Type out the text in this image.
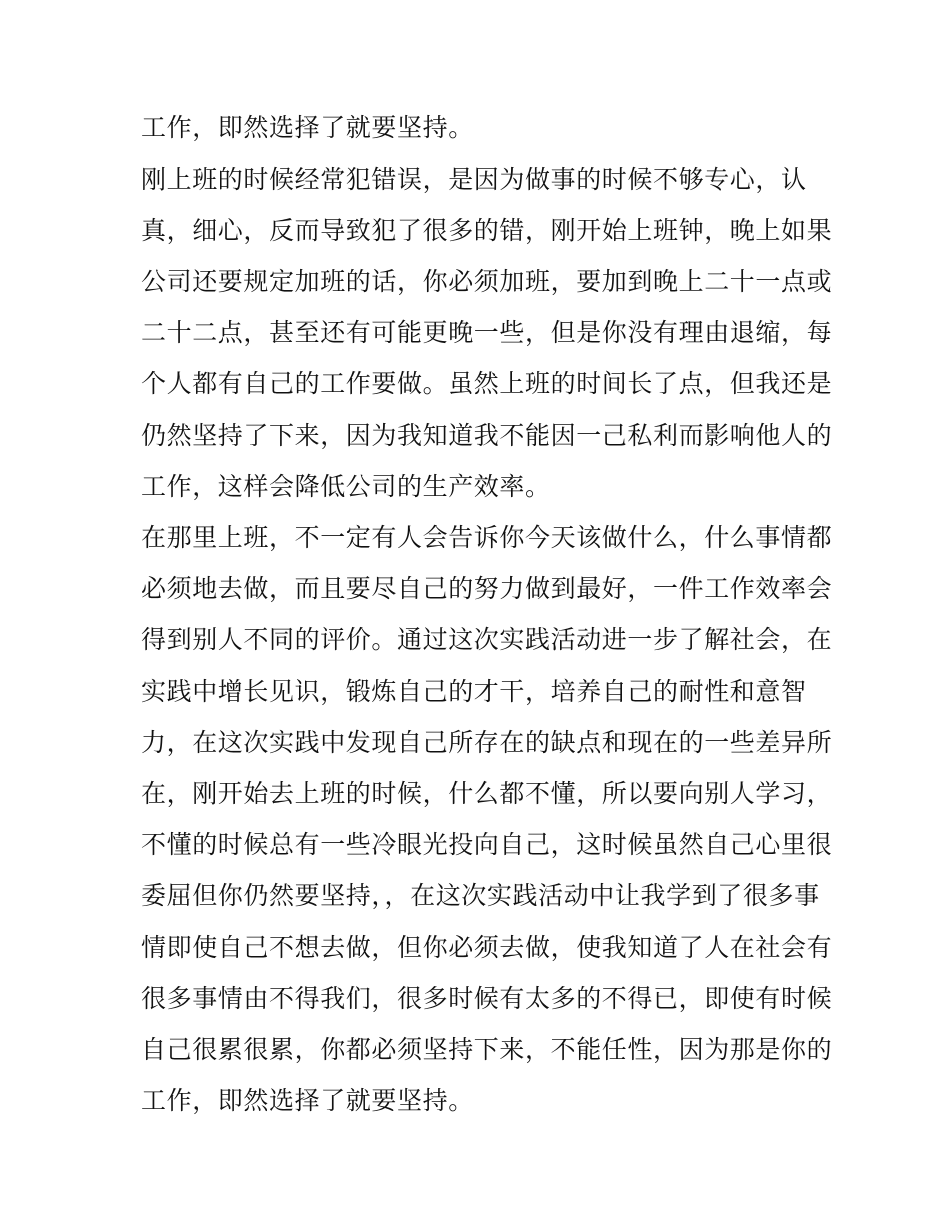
工作，即然选择了就要坚持。
刚上班的时候经常犯错误，是因为做事的时候不够专心，认
真，细心，反而导致犯了很多的错，刚开始上班钟，晚上如果
公司还要规定加班的话，你必须加班，要加到晚上二十一点或
二十二点，甚至还有可能更晚一些，但是你没有理由退缩，每
个人都有自己的工作要做。虽然上班的时间长了点，但我还是
仍然坚持了下来，因为我知道我不能因一己私利而影响他人的
工作，这样会降低公司的生产效率。
在那里上班，不一定有人会告诉你今天该做什么，什么事情都
必须地去做，而且要尽自己的努力做到最好，一件工作效率会
得到别人不同的评价。通过这次实践活动进一步了解社会，在
实践中增长见识，锻炼自己的才干，培养自己的耐性和意智
力，在这次实践中发现自己所存在的缺点和现在的一些差异所
在，刚开始去上班的时候，什么都不懂，所以要向别人学习，
不懂的时候总有一些冷眼光投向自己，这时候虽然自己心里很
委屈但你仍然要坚持，，在这次实践活动中让我学到了很多事
情即使自己不想去做，但你必须去做，使我知道了人在社会有
很多事情由不得我们，很多时候有太多的不得已，即使有时候
自己很累很累，你都必须坚持下来，不能任性，因为那是你的
工作，即然选择了就要坚持。
